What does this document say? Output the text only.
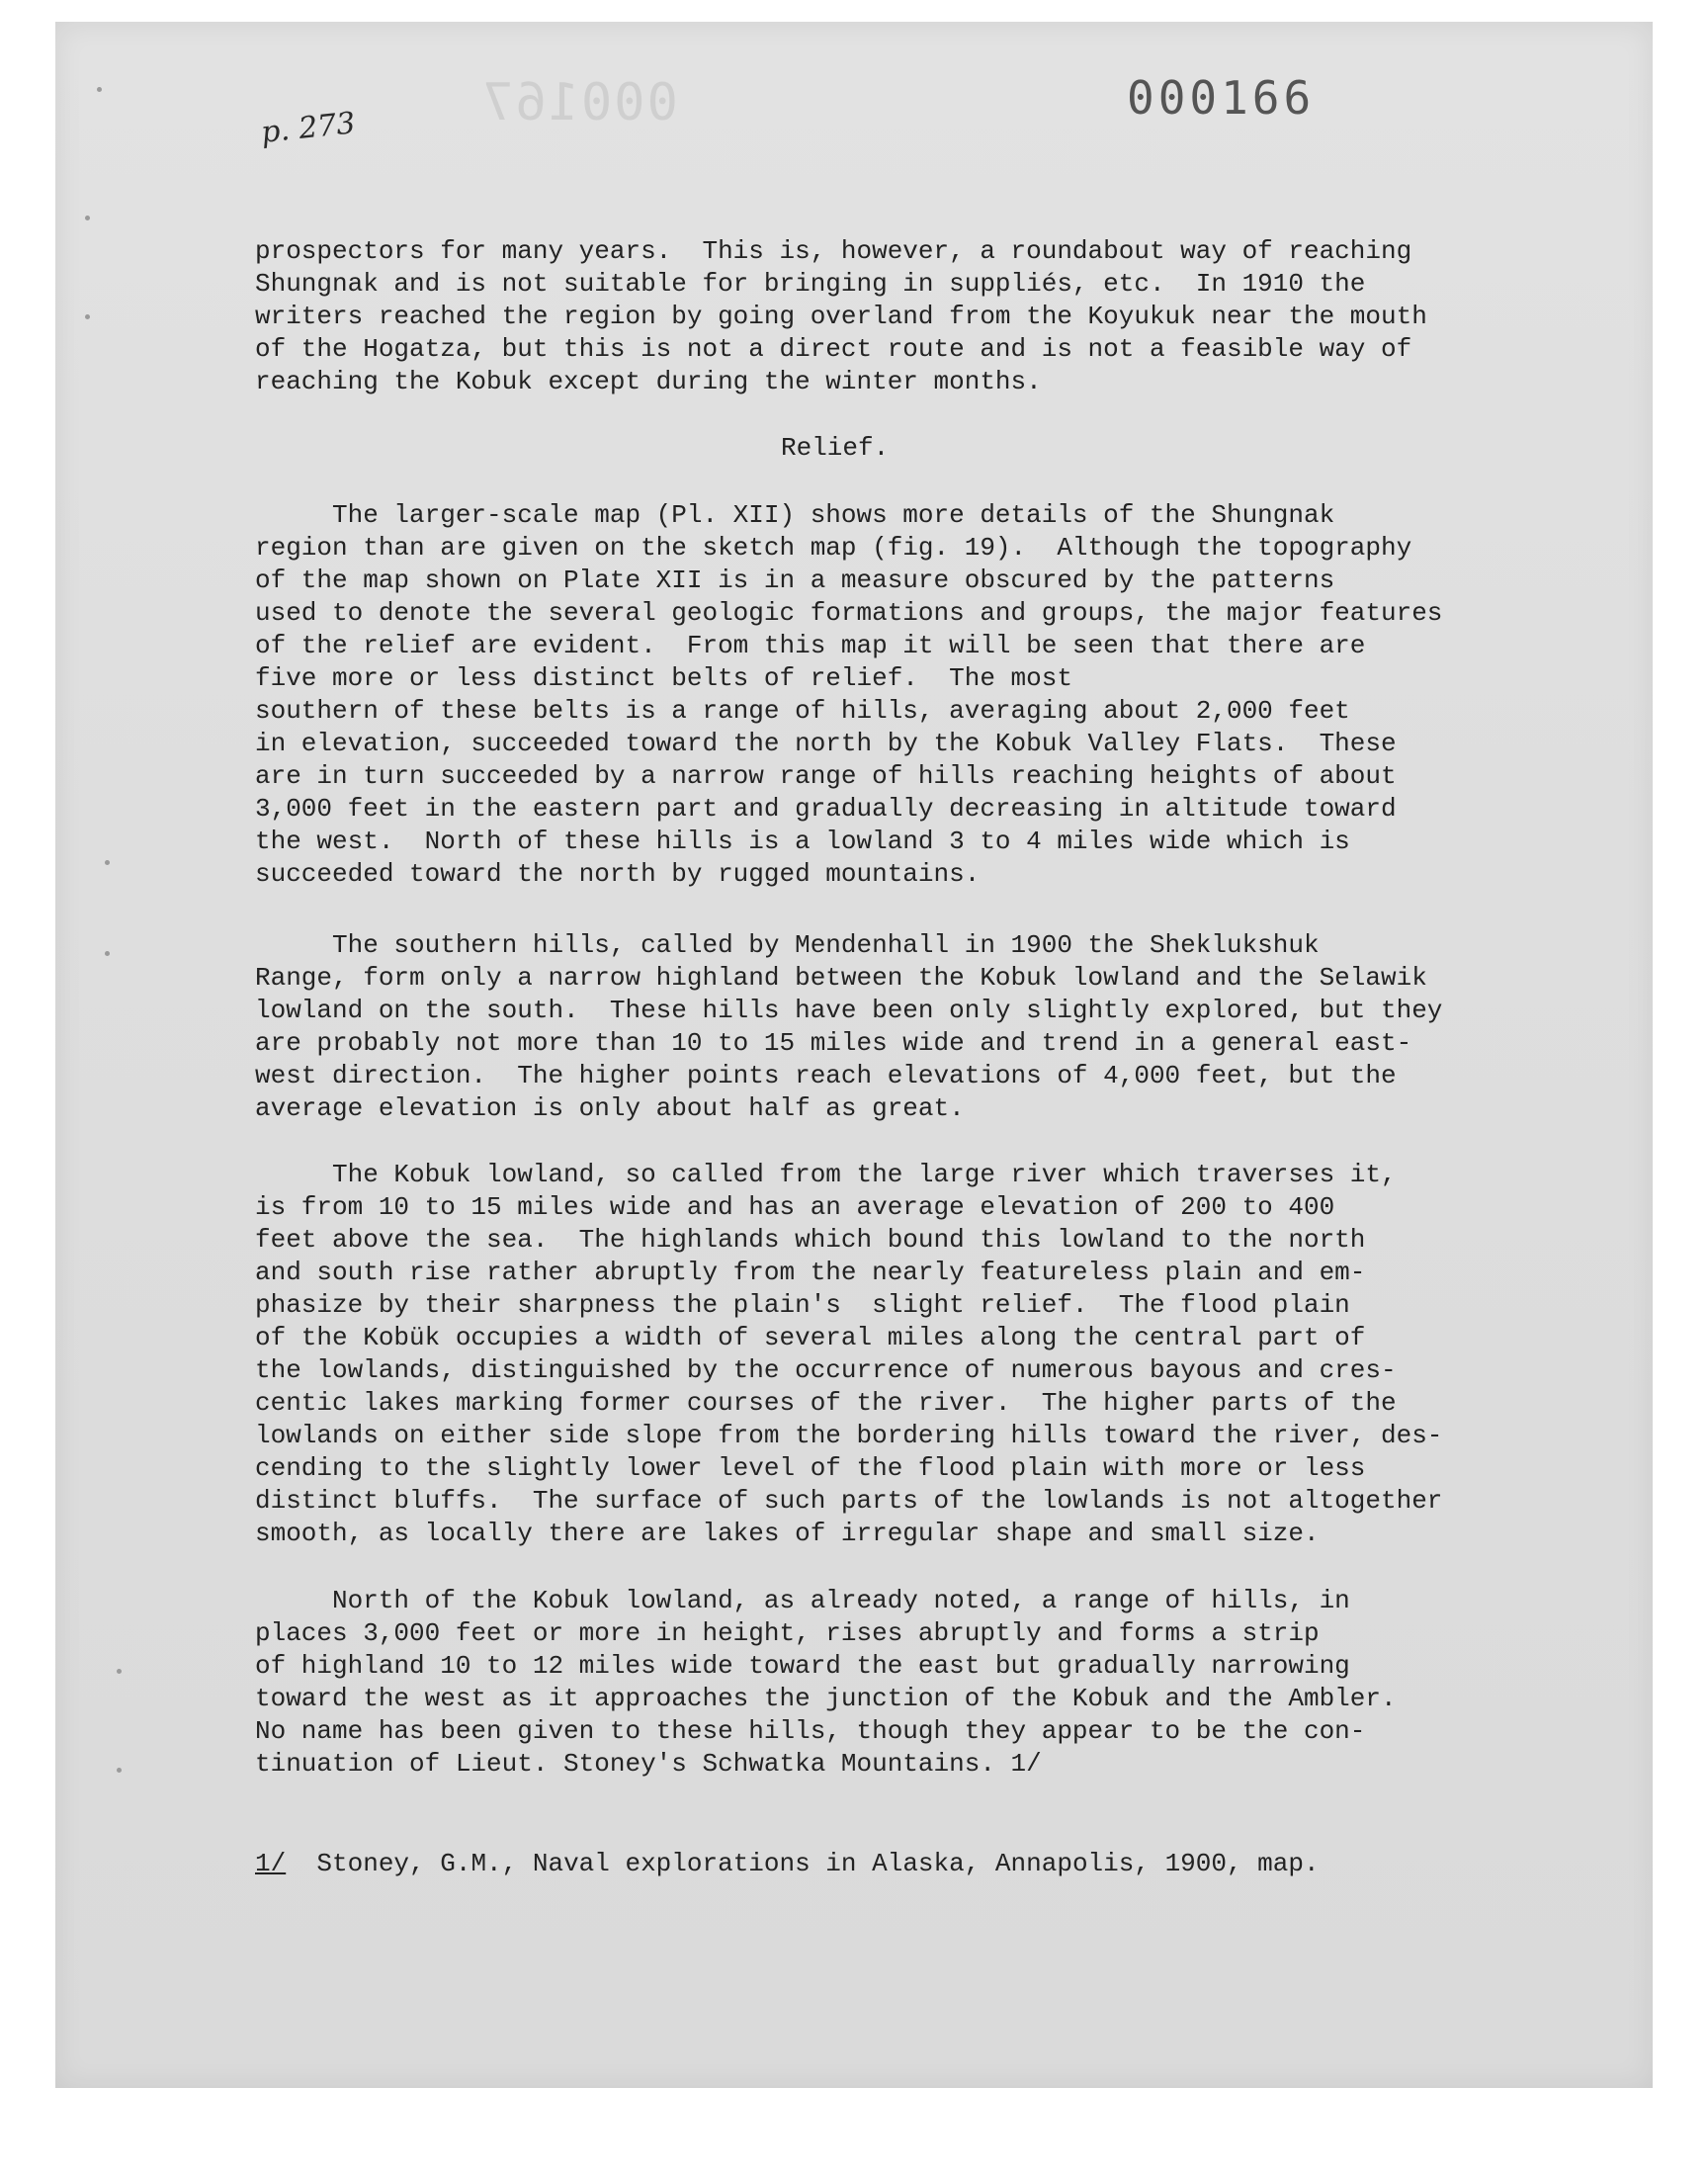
000167
p. 273
000166
prospectors for many years.  This is, however, a roundabout way of reaching
Shungnak and is not suitable for bringing in suppliés, etc.  In 1910 the
writers reached the region by going overland from the Koyukuk near the mouth
of the Hogatza, but this is not a direct route and is not a feasible way of
reaching the Kobuk except during the winter months.
Relief.
The larger-scale map (Pl. XII) shows more details of the Shungnak
region than are given on the sketch map (fig. 19).  Although the topography
of the map shown on Plate XII is in a measure obscured by the patterns
used to denote the several geologic formations and groups, the major features
of the relief are evident.  From this map it will be seen that there are
five more or less distinct belts of relief.  The most
southern of these belts is a range of hills, averaging about 2,000 feet
in elevation, succeeded toward the north by the Kobuk Valley Flats.  These
are in turn succeeded by a narrow range of hills reaching heights of about
3,000 feet in the eastern part and gradually decreasing in altitude toward
the west.  North of these hills is a lowland 3 to 4 miles wide which is
succeeded toward the north by rugged mountains.
The southern hills, called by Mendenhall in 1900 the Sheklukshuk
Range, form only a narrow highland between the Kobuk lowland and the Selawik
lowland on the south.  These hills have been only slightly explored, but they
are probably not more than 10 to 15 miles wide and trend in a general east-
west direction.  The higher points reach elevations of 4,000 feet, but the
average elevation is only about half as great.
The Kobuk lowland, so called from the large river which traverses it,
is from 10 to 15 miles wide and has an average elevation of 200 to 400
feet above the sea.  The highlands which bound this lowland to the north
and south rise rather abruptly from the nearly featureless plain and em-
phasize by their sharpness the plain's  slight relief.  The flood plain
of the Kobük occupies a width of several miles along the central part of
the lowlands, distinguished by the occurrence of numerous bayous and cres-
centic lakes marking former courses of the river.  The higher parts of the
lowlands on either side slope from the bordering hills toward the river, des-
cending to the slightly lower level of the flood plain with more or less
distinct bluffs.  The surface of such parts of the lowlands is not altogether
smooth, as locally there are lakes of irregular shape and small size.
North of the Kobuk lowland, as already noted, a range of hills, in
places 3,000 feet or more in height, rises abruptly and forms a strip
of highland 10 to 12 miles wide toward the east but gradually narrowing
toward the west as it approaches the junction of the Kobuk and the Ambler.
No name has been given to these hills, though they appear to be the con-
tinuation of Lieut. Stoney's Schwatka Mountains. 1/
1/  Stoney, G.M., Naval explorations in Alaska, Annapolis, 1900, map.
